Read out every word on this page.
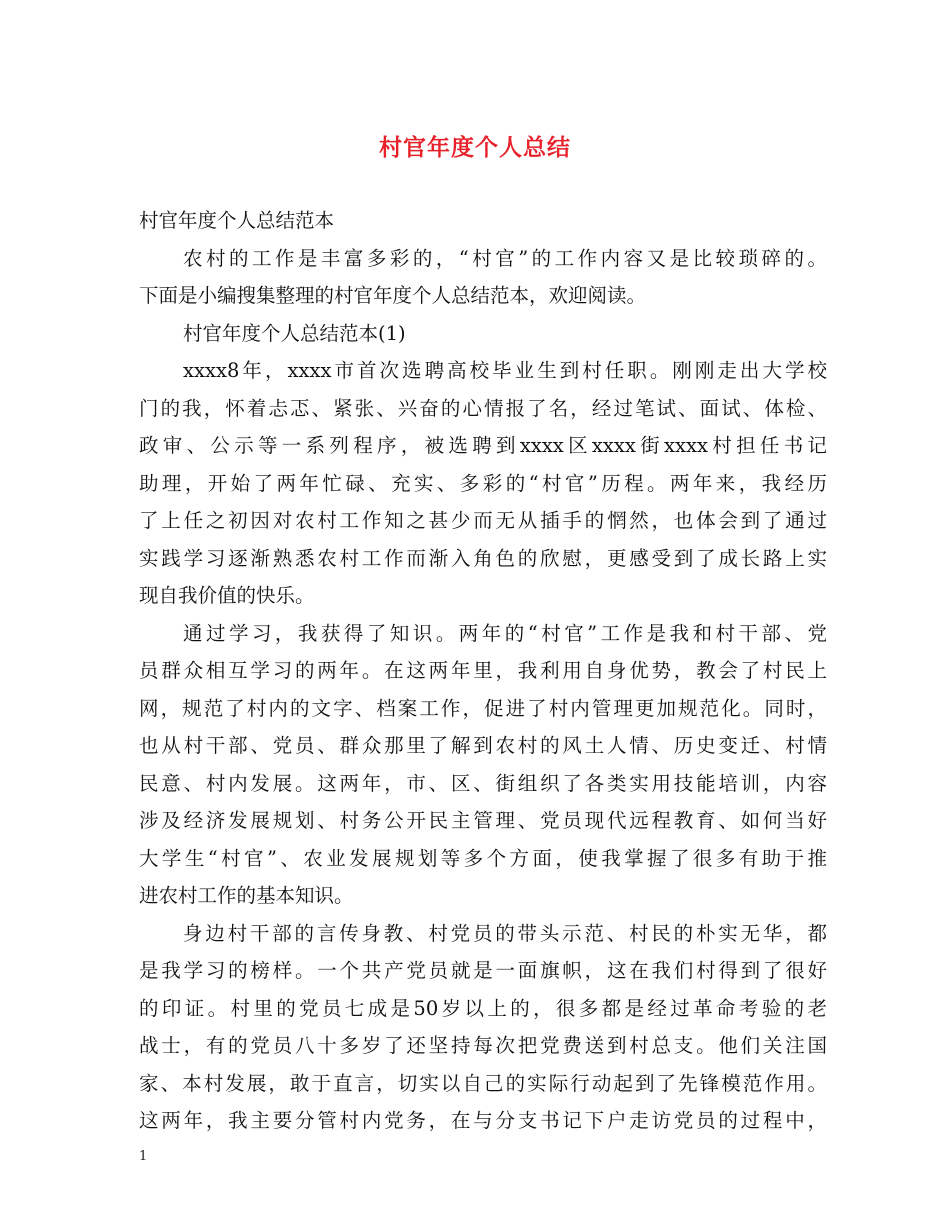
村官年度个人总结
村官年度个人总结范本
农村的工作是丰富多彩的，“村官”的工作内容又是比较琐碎的。
下面是小编搜集整理的村官年度个人总结范本，欢迎阅读。
村官年度个人总结范本(1)
xxxx8年，xxxx市首次选聘高校毕业生到村任职。刚刚走出大学校
门的我，怀着忐忑、紧张、兴奋的心情报了名，经过笔试、面试、体检、
政审、公示等一系列程序，被选聘到xxxx区xxxx街xxxx村担任书记
助理，开始了两年忙碌、充实、多彩的“村官”历程。两年来，我经历
了上任之初因对农村工作知之甚少而无从插手的惘然，也体会到了通过
实践学习逐渐熟悉农村工作而渐入角色的欣慰，更感受到了成长路上实
现自我价值的快乐。
通过学习，我获得了知识。两年的“村官”工作是我和村干部、党
员群众相互学习的两年。在这两年里，我利用自身优势，教会了村民上
网，规范了村内的文字、档案工作，促进了村内管理更加规范化。同时，
也从村干部、党员、群众那里了解到农村的风土人情、历史变迁、村情
民意、村内发展。这两年，市、区、街组织了各类实用技能培训，内容
涉及经济发展规划、村务公开民主管理、党员现代远程教育、如何当好
大学生“村官”、农业发展规划等多个方面，使我掌握了很多有助于推
进农村工作的基本知识。
身边村干部的言传身教、村党员的带头示范、村民的朴实无华，都
是我学习的榜样。一个共产党员就是一面旗帜，这在我们村得到了很好
的印证。村里的党员七成是50岁以上的，很多都是经过革命考验的老
战士，有的党员八十多岁了还坚持每次把党费送到村总支。他们关注国
家、本村发展，敢于直言，切实以自己的实际行动起到了先锋模范作用。
这两年，我主要分管村内党务，在与分支书记下户走访党员的过程中，
1
